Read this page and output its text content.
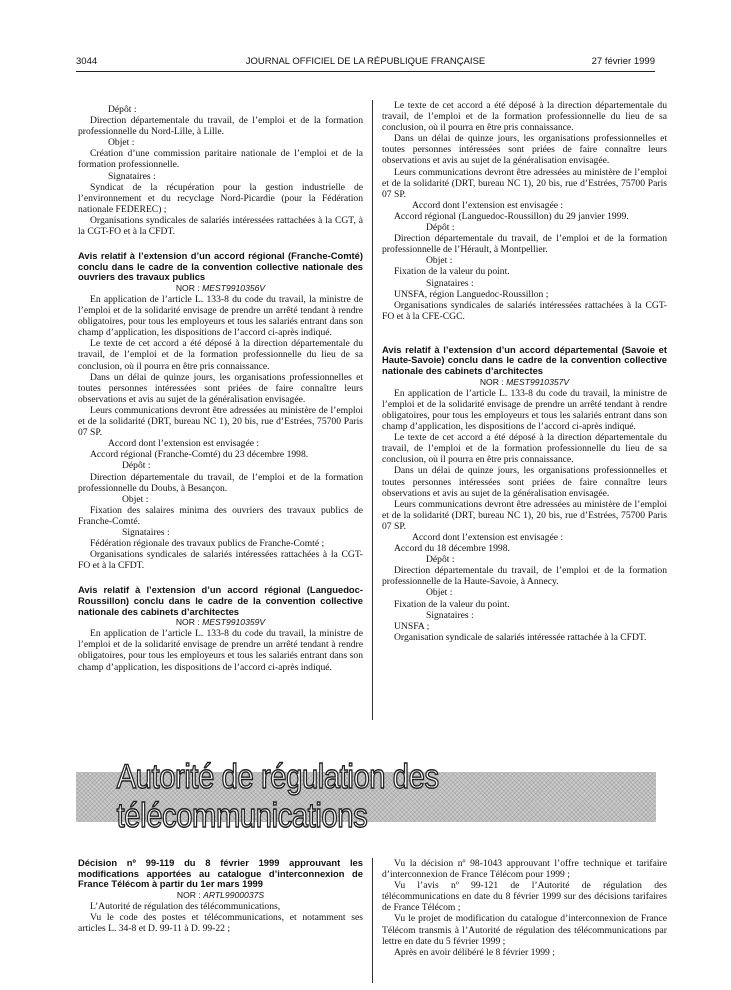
3044	JOURNAL OFFICIEL DE LA RÉPUBLIQUE FRANÇAISE	27 février 1999

Dépôt :

Direction départementale du travail, de l’emploi et de la formation professionnelle du Nord-Lille, à Lille.

Objet :

Création d’une commission paritaire nationale de l’emploi et de la formation professionnelle.

Signataires :

Syndicat de la récupération pour la gestion industrielle de l’environnement et du recyclage Nord-Picardie (pour la Fédération nationale FEDEREC) ;

Organisations syndicales de salariés intéressées rattachées à la CGT, à la CGT-FO et à la CFDT.

Avis relatif à l’extension d’un accord régional (Franche-Comté) conclu dans le cadre de la convention collective nationale des ouvriers des travaux publics

NOR : MEST9910356V

En application de l’article L. 133-8 du code du travail, la ministre de l’emploi et de la solidarité envisage de prendre un arrêté tendant à rendre obligatoires, pour tous les employeurs et tous les salariés entrant dans son champ d’application, les dispositions de l’accord ci-après indiqué.

Le texte de cet accord a été déposé à la direction départementale du travail, de l’emploi et de la formation professionnelle du lieu de sa conclusion, où il pourra en être pris connaissance.

Dans un délai de quinze jours, les organisations professionnelles et toutes personnes intéressées sont priées de faire connaître leurs observations et avis au sujet de la généralisation envisagée.

Leurs communications devront être adressées au ministère de l’emploi et de la solidarité (DRT, bureau NC 1), 20 bis, rue d’Estrées, 75700 Paris 07 SP.

Accord dont l’extension est envisagée :

Accord régional (Franche-Comté) du 23 décembre 1998.

Dépôt :

Direction départementale du travail, de l’emploi et de la formation professionnelle du Doubs, à Besançon.

Objet :

Fixation des salaires minima des ouvriers des travaux publics de Franche-Comté.

Signataires :

Fédération régionale des travaux publics de Franche-Comté ;

Organisations syndicales de salariés intéressées rattachées à la CGT-FO et à la CFDT.

Avis relatif à l’extension d’un accord régional (Languedoc-Roussillon) conclu dans le cadre de la convention collective nationale des cabinets d’architectes

NOR : MEST9910359V

En application de l’article L. 133-8 du code du travail, la ministre de l’emploi et de la solidarité envisage de prendre un arrêté tendant à rendre obligatoires, pour tous les employeurs et tous les salariés entrant dans son champ d’application, les dispositions de l’accord ci-après indiqué.

Le texte de cet accord a été déposé à la direction départementale du travail, de l’emploi et de la formation professionnelle du lieu de sa conclusion, où il pourra en être pris connaissance.

Dans un délai de quinze jours, les organisations professionnelles et toutes personnes intéressées sont priées de faire connaître leurs observations et avis au sujet de la généralisation envisagée.

Leurs communications devront être adressées au ministère de l’emploi et de la solidarité (DRT, bureau NC 1), 20 bis, rue d’Estrées, 75700 Paris 07 SP.

Accord dont l’extension est envisagée :

Accord régional (Languedoc-Roussillon) du 29 janvier 1999.

Dépôt :

Direction départementale du travail, de l’emploi et de la formation professionnelle de l’Hérault, à Montpellier.

Objet :

Fixation de la valeur du point.

Signataires :

UNSFA, région Languedoc-Roussillon ;

Organisations syndicales de salariés intéressées rattachées à la CGT-FO et à la CFE-CGC.

Avis relatif à l’extension d’un accord départemental (Savoie et Haute-Savoie) conclu dans le cadre de la convention collective nationale des cabinets d’architectes

NOR : MEST9910357V

En application de l’article L. 133-8 du code du travail, la ministre de l’emploi et de la solidarité envisage de prendre un arrêté tendant à rendre obligatoires, pour tous les employeurs et tous les salariés entrant dans son champ d’application, les dispositions de l’accord ci-après indiqué.

Le texte de cet accord a été déposé à la direction départementale du travail, de l’emploi et de la formation professionnelle du lieu de sa conclusion, où il pourra en être pris connaissance.

Dans un délai de quinze jours, les organisations professionnelles et toutes personnes intéressées sont priées de faire connaître leurs observations et avis au sujet de la généralisation envisagée.

Leurs communications devront être adressées au ministère de l’emploi et de la solidarité (DRT, bureau NC 1), 20 bis, rue d’Estrées, 75700 Paris 07 SP.

Accord dont l’extension est envisagée :

Accord du 18 décembre 1998.

Dépôt :

Direction départementale du travail, de l’emploi et de la formation professionnelle de la Haute-Savoie, à Annecy.

Objet :

Fixation de la valeur du point.

Signataires :

UNSFA ;

Organisation syndicale de salariés intéressée rattachée à la CFDT.

Autorité de régulation des télécommunications

Décision nº 99-119 du 8 février 1999 approuvant les modifications apportées au catalogue d’interconnexion de France Télécom à partir du 1er mars 1999

NOR : ARTL9900037S

L’Autorité de régulation des télécommunications,

Vu le code des postes et télécommunications, et notamment ses articles L. 34-8 et D. 99-11 à D. 99-22 ;

Vu la décision nº 98-1043 approuvant l’offre technique et tarifaire d’interconnexion de France Télécom pour 1999 ;

Vu l’avis nº 99-121 de l’Autorité de régulation des télécommunications en date du 8 février 1999 sur des décisions tarifaires de France Télécom ;

Vu le projet de modification du catalogue d’interconnexion de France Télécom transmis à l’Autorité de régulation des télécommunications par lettre en date du 5 février 1999 ;

Après en avoir délibéré le 8 février 1999 ;
